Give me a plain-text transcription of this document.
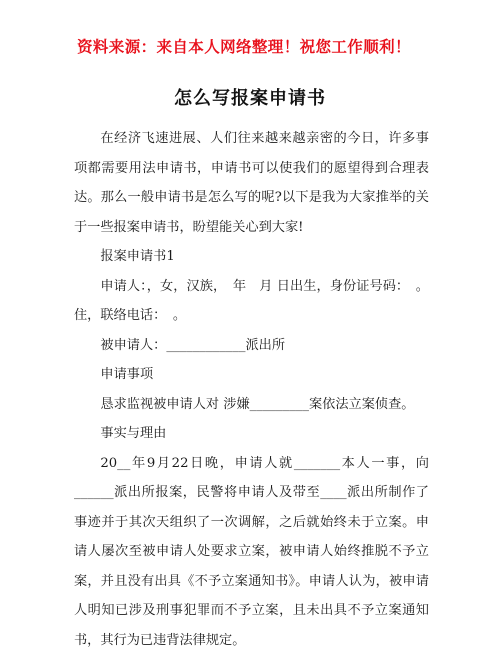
资料来源：来自本人网络整理！祝您工作顺利！
怎么写报案申请书

在经济飞速进展、人们往来越来越亲密的今日，许多事项都需要用法申请书，申请书可以使我们的愿望得到合理表达。那么一般申请书是怎么写的呢?以下是我为大家推举的关于一些报案申请书，盼望能关心到大家!

报案申请书1

申请人：，女，汉族，　年　月 日出生，身份证号码：　。住，联络电话：　。

被申请人：____________派出所

申请事项

恳求监视被申请人对 涉嫌_________案依法立案侦查。

事实与理由

20__年9月22日晚，申请人就_______本人一事，向______派出所报案，民警将申请人及带至____派出所制作了事迹并于其次天组织了一次调解，之后就始终未于立案。申请人屡次至被申请人处要求立案，被申请人始终推脱不予立案，并且没有出具《不予立案通知书》。申请人认为，被申请人明知已涉及刑事犯罪而不予立案，且未出具不予立案通知书，其行为已违背法律规定。
